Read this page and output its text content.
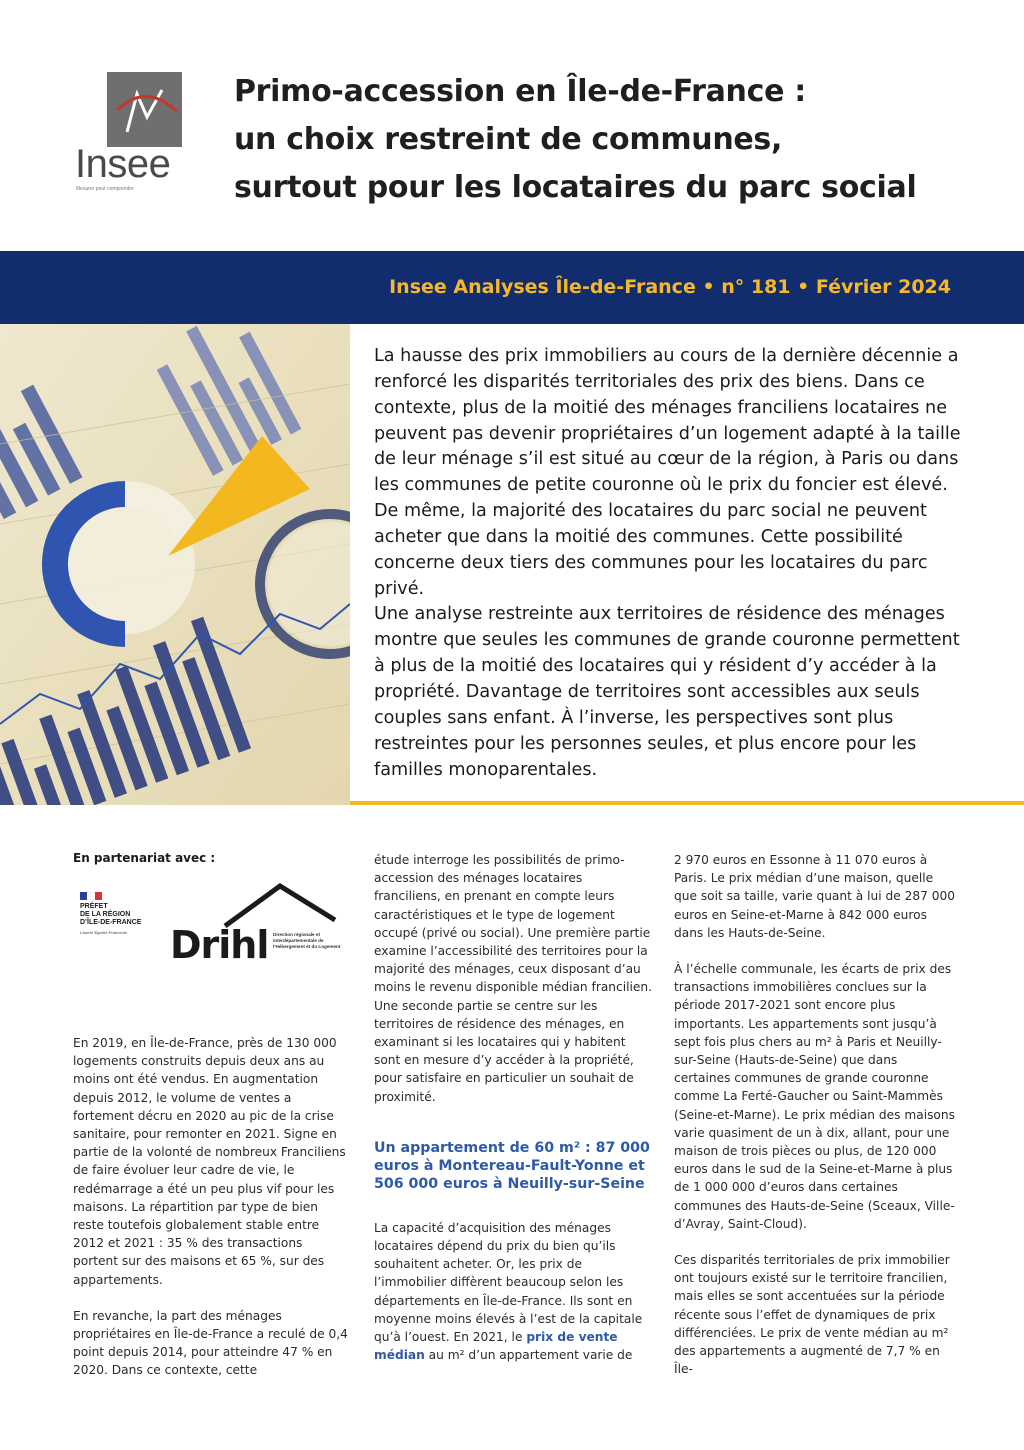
Insee
Mesurer pour comprendre
Primo-accession en Île-de-France :
un choix restreint de communes,
surtout pour les locataires du parc social
Insee Analyses Île-de-France • n° 181 • Février 2024

La hausse des prix immobiliers au cours de la dernière décennie a renforcé les disparités territoriales des prix des biens. Dans ce contexte, plus de la moitié des ménages franciliens locataires ne peuvent pas devenir propriétaires d’un logement adapté à la taille de leur ménage s’il est situé au cœur de la région, à Paris ou dans les communes de petite couronne où le prix du foncier est élevé. De même, la majorité des locataires du parc social ne peuvent acheter que dans la moitié des communes. Cette possibilité concerne deux tiers des communes pour les locataires du parc privé.

Une analyse restreinte aux territoires de résidence des ménages montre que seules les communes de grande couronne permettent à plus de la moitié des locataires qui y résident d’y accéder à la propriété. Davantage de territoires sont accessibles aux seuls couples sans enfant. À l’inverse, les perspectives sont plus restreintes pour les personnes seules, et plus encore pour les familles monoparentales.

En partenariat avec :
PRÉFET
DE LA RÉGION
D’ÎLE-DE-FRANCE
Liberté Égalité Fraternité	Drihl Direction régionale et interdépartementale de l’Hébergement et du Logement

En 2019, en Île-de-France, près de 130 000 logements construits depuis deux ans au moins ont été vendus. En augmentation depuis 2012, le volume de ventes a fortement décru en 2020 au pic de la crise sanitaire, pour remonter en 2021. Signe en partie de la volonté de nombreux Franciliens de faire évoluer leur cadre de vie, le redémarrage a été un peu plus vif pour les maisons. La répartition par type de bien reste toutefois globalement stable entre 2012 et 2021 : 35 % des transactions portent sur des maisons et 65 %, sur des appartements.

En revanche, la part des ménages propriétaires en Île-de-France a reculé de 0,4 point depuis 2014, pour atteindre 47 % en 2020. Dans ce contexte, cette

étude interroge les possibilités de primo-accession des ménages locataires franciliens, en prenant en compte leurs caractéristiques et le type de logement occupé (privé ou social). Une première partie examine l’accessibilité des territoires pour la majorité des ménages, ceux disposant d’au moins le revenu disponible médian francilien. Une seconde partie se centre sur les territoires de résidence des ménages, en examinant si les locataires qui y habitent sont en mesure d’y accéder à la propriété, pour satisfaire en particulier un souhait de proximité.

Un appartement de 60 m² : 87 000 euros à Montereau-Fault-Yonne et 506 000 euros à Neuilly-sur-Seine

La capacité d’acquisition des ménages locataires dépend du prix du bien qu’ils souhaitent acheter. Or, les prix de l’immobilier diffèrent beaucoup selon les départements en Île-de-France. Ils sont en moyenne moins élevés à l’est de la capitale qu’à l’ouest. En 2021, le prix de vente médian au m² d’un appartement varie de

2 970 euros en Essonne à 11 070 euros à Paris. Le prix médian d’une maison, quelle que soit sa taille, varie quant à lui de 287 000 euros en Seine-et-Marne à 842 000 euros dans les Hauts-de-Seine.

À l’échelle communale, les écarts de prix des transactions immobilières conclues sur la période 2017-2021 sont encore plus importants. Les appartements sont jusqu’à sept fois plus chers au m² à Paris et Neuilly-sur-Seine (Hauts-de-Seine) que dans certaines communes de grande couronne comme La Ferté-Gaucher ou Saint-Mammès (Seine-et-Marne). Le prix médian des maisons varie quasiment de un à dix, allant, pour une maison de trois pièces ou plus, de 120 000 euros dans le sud de la Seine-et-Marne à plus de 1 000 000 d’euros dans certaines communes des Hauts-de-Seine (Sceaux, Ville-d’Avray, Saint-Cloud).

Ces disparités territoriales de prix immobilier ont toujours existé sur le territoire francilien, mais elles se sont accentuées sur la période récente sous l’effet de dynamiques de prix différenciées. Le prix de vente médian au m² des appartements a augmenté de 7,7 % en Île-
